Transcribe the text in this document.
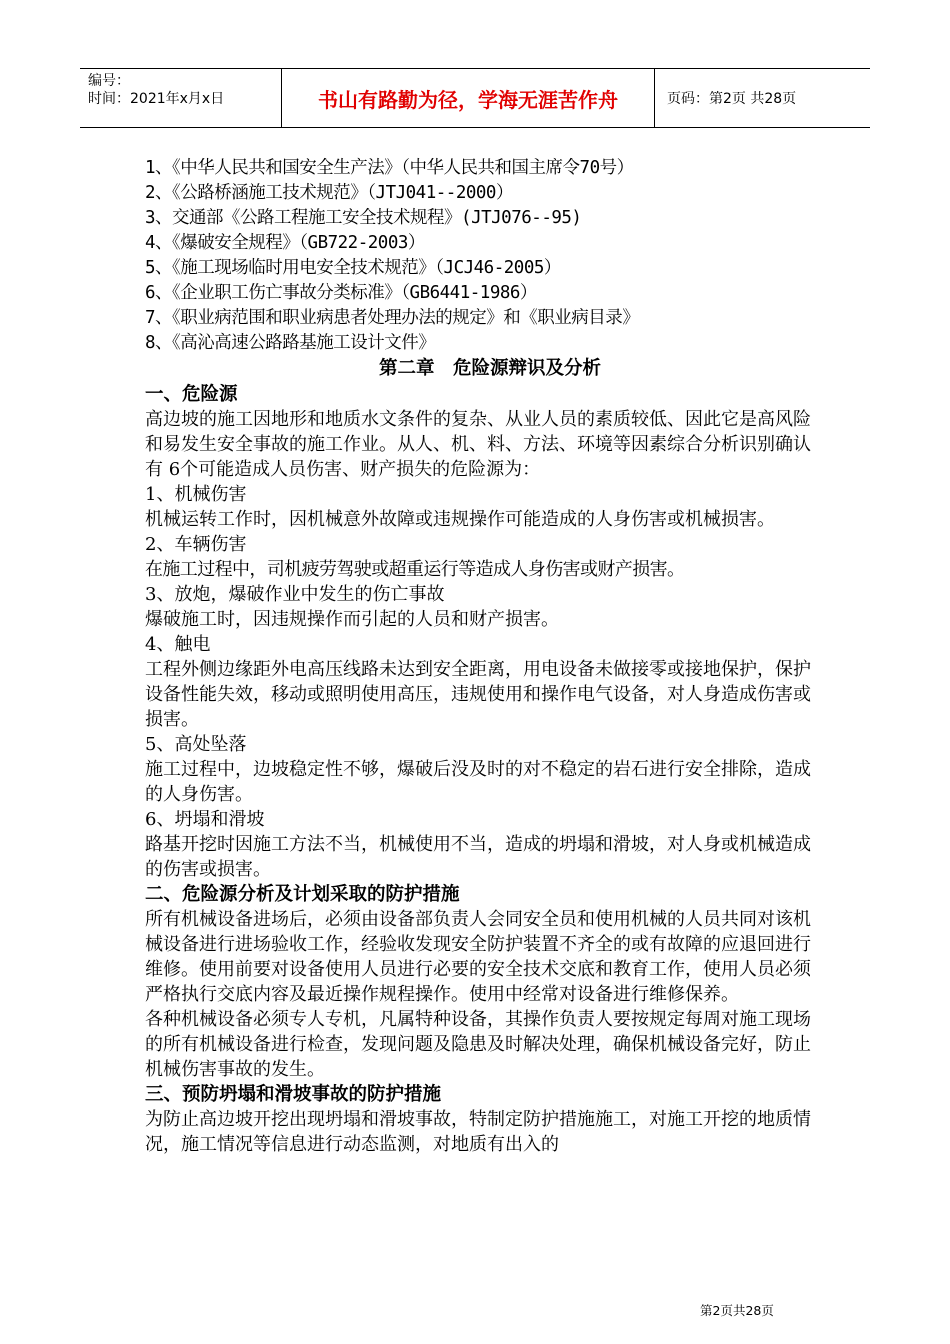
编号：
时间：2021年x月x日	书山有路勤为径，学海无涯苦作舟	页码：第2页 共28页
1、《中华人民共和国安全生产法》（中华人民共和国主席令70号）
2、《公路桥涵施工技术规范》（JTJ041--2000）
3、交通部《公路工程施工安全技术规程》(JTJ076--95)
4、《爆破安全规程》（GB722-2003）
5、《施工现场临时用电安全技术规范》（JCJ46-2005）
6、《企业职工伤亡事故分类标准》（GB6441-1986）
7、《职业病范围和职业病患者处理办法的规定》和《职业病目录》
8、《高沁高速公路路基施工设计文件》
第二章　危险源辩识及分析
一、危险源
高边坡的施工因地形和地质水文条件的复杂、从业人员的素质较低、因此它是高风险和易发生安全事故的施工作业。从人、机、料、方法、环境等因素综合分析识别确认有 6个可能造成人员伤害、财产损失的危险源为：
1、机械伤害
机械运转工作时，因机械意外故障或违规操作可能造成的人身伤害或机械损害。
2、车辆伤害
在施工过程中，司机疲劳驾驶或超重运行等造成人身伤害或财产损害。
3、放炮，爆破作业中发生的伤亡事故
爆破施工时，因违规操作而引起的人员和财产损害。
4、触电
工程外侧边缘距外电高压线路未达到安全距离，用电设备未做接零或接地保护，保护设备性能失效，移动或照明使用高压，违规使用和操作电气设备，对人身造成伤害或损害。
5、高处坠落
施工过程中，边坡稳定性不够，爆破后没及时的对不稳定的岩石进行安全排除，造成的人身伤害。
6、坍塌和滑坡
路基开挖时因施工方法不当，机械使用不当，造成的坍塌和滑坡，对人身或机械造成的伤害或损害。
二、危险源分析及计划采取的防护措施
所有机械设备进场后，必须由设备部负责人会同安全员和使用机械的人员共同对该机械设备进行进场验收工作，经验收发现安全防护装置不齐全的或有故障的应退回进行维修。使用前要对设备使用人员进行必要的安全技术交底和教育工作，使用人员必须严格执行交底内容及最近操作规程操作。使用中经常对设备进行维修保养。
各种机械设备必须专人专机，凡属特种设备，其操作负责人要按规定每周对施工现场的所有机械设备进行检查，发现问题及隐患及时解决处理，确保机械设备完好，防止机械伤害事故的发生。
三、预防坍塌和滑坡事故的防护措施
为防止高边坡开挖出现坍塌和滑坡事故，特制定防护措施施工，对施工开挖的地质情况，施工情况等信息进行动态监测，对地质有出入的
第2页共28页
